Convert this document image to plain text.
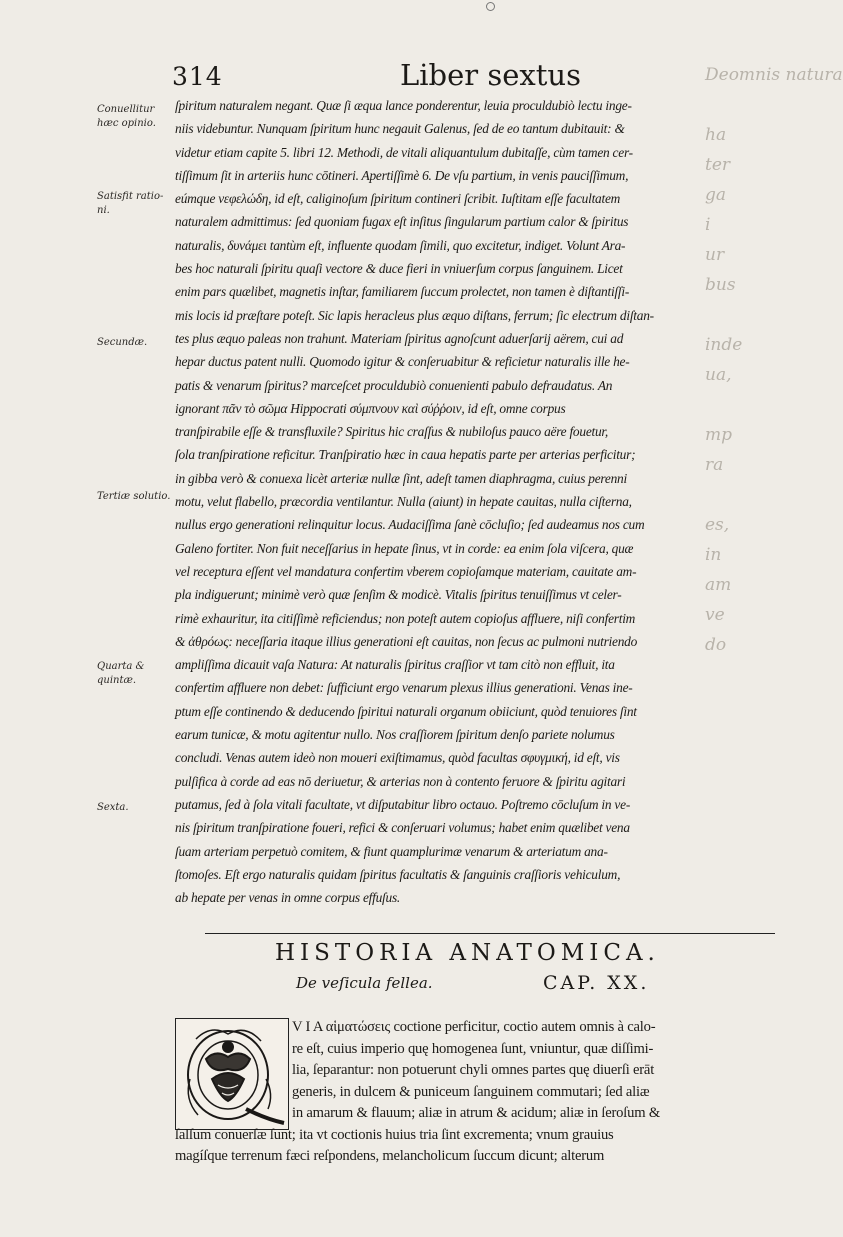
Deomnis natura

ha
ter
ga
i
ur
bus

inde
ua,

mp
ra

es,
in
am
ve
do
314	Liber sextus
Conuellitur
hæc opinio.
Satisfit ratio-
ni.
Secundæ.
Tertiæ solutio.
Quarta &
quintæ.
Sexta.
ſpiritum naturalem negant. Quæ ſi æqua lance ponderentur, leuia proculdubiò lectu inge-
niis videbuntur. Nunquam ſpiritum hunc negauit Galenus, ſed de eo tantum dubitauit: &
videtur etiam capite 5. libri 12. Methodi, de vitali aliquantulum dubitaſſe, cùm tamen cer-
tiſſimum ſit in arteriis hunc cōtineri. Apertiſſimè 6. De vſu partium, in venis pauciſſimum,
eúmque νεφελώδη, id eſt, caliginoſum ſpiritum contineri ſcribit. Iuſtitam eſſe facultatem
naturalem admittimus: ſed quoniam fugax eſt inſitus ſingularum partium calor & ſpiritus
naturalis, δυνάμει tantùm eſt, influente quodam ſimili, quo excitetur, indiget. Volunt Ara-
bes hoc naturali ſpiritu quaſi vectore & duce fieri in vniuerſum corpus ſanguinem. Licet
enim pars quælibet, magnetis inſtar, familiarem ſuccum prolectet, non tamen è diſtantiſſi-
mis locis id præſtare poteſt. Sic lapis heracleus plus æquo diſtans, ferrum; ſic electrum diſtan-
tes plus æquo paleas non trahunt. Materiam ſpiritus agnoſcunt aduerſarij aërem, cui ad
hepar ductus patent nulli. Quomodo igitur & conſeruabitur & reficietur naturalis ille he-
patis & venarum ſpiritus? marceſcet proculdubiò conuenienti pabulo defraudatus. An
ignorant πᾶν τὸ σῶμα Hippocrati σύμπνουν καὶ σύῤῥοιν, id eſt, omne corpus
tranſpirabile eſſe & transfluxile? Spiritus hic craſſus & nubiloſus pauco aëre fouetur,
ſola tranſpiratione reficitur. Tranſpiratio hæc in caua hepatis parte per arterias perficitur;
in gibba verò & conuexa licèt arteriæ nullæ ſint, adeſt tamen diaphragma, cuius perenni
motu, velut flabello, præcordia ventilantur. Nulla (aiunt) in hepate cauitas, nulla ciſterna,
nullus ergo generationi relinquitur locus. Audaciſſima ſanè cōcluſio; ſed audeamus nos cum
Galeno fortiter. Non fuit neceſſarius in hepate ſinus, vt in corde: ea enim ſola viſcera, quæ
vel receptura eſſent vel mandatura confertim vberem copioſamque materiam, cauitate am-
pla indiguerunt; minimè verò quæ ſenſim & modicè. Vitalis ſpiritus tenuiſſimus vt celer-
rimè exhauritur, ita citiſſimè reficiendus; non poteſt autem copioſus affluere, niſi confertim
& ἀθρόως: neceſſaria itaque illius generationi eſt cauitas, non ſecus ac pulmoni nutriendo
ampliſſima dicauit vaſa Natura: At naturalis ſpiritus craſſior vt tam citò non effluit, ita
confertim affluere non debet: ſufficiunt ergo venarum plexus illius generationi. Venas ine-
ptum eſſe continendo & deducendo ſpiritui naturali organum obiiciunt, quòd tenuiores ſint
earum tunicæ, & motu agitentur nullo. Nos craſſiorem ſpiritum denſo pariete nolumus
concludi. Venas autem ideò non moueri exiſtimamus, quòd facultas σφυγμική, id eſt, vis
pulſifica à corde ad eas nō deriuetur, & arterias non à contento feruore & ſpiritu agitari
putamus, ſed à ſola vitali facultate, vt diſputabitur libro octauo. Poſtremo cōcluſum in ve-
nis ſpiritum tranſpiratione foueri, refici & conſeruari volumus; habet enim quælibet vena
ſuam arteriam perpetuò comitem, & fiunt quamplurimæ venarum & arteriatum ana-
ſtomoſes. Eſt ergo naturalis quidam ſpiritus facultatis & ſanguinis craſſioris vehiculum,
ab hepate per venas in omne corpus effuſus.
HISTORIA ANATOMICA.
De veſicula fellea.	CAP. XX.
V I A αἱματώσεις coctione perficitur, coctio autem omnis à calo-
re eſt, cuius imperio quę homogenea ſunt, vniuntur, quæ diſſimi-
lia, ſeparantur: non potuerunt chyli omnes partes quę diuerſi erāt
generis, in dulcem & puniceum ſanguinem commutari; ſed aliæ
in amarum & flauum; aliæ in atrum & acidum; aliæ in ſeroſum &
ſalſum conuerſæ ſunt; ita vt coctionis huius tria ſint excrementa; vnum grauius
magíſque terrenum fæci reſpondens, melancholicum ſuccum dicunt; alterum
